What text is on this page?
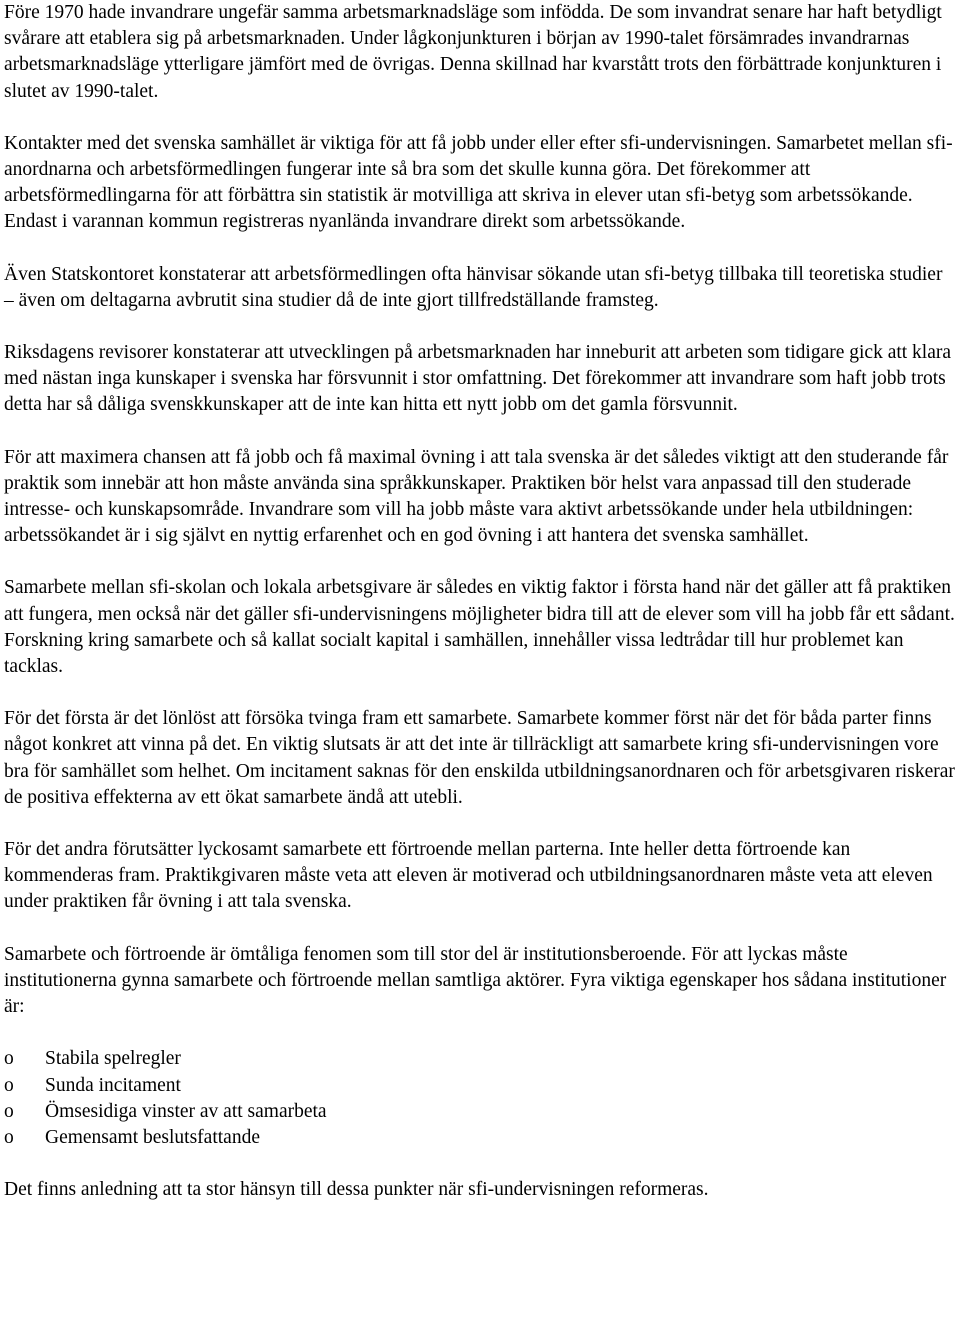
Före 1970 hade invandrare ungefär samma arbetsmarknadsläge som infödda. De som invandrat senare har haft betydligt svårare att etablera sig på arbetsmarknaden. Under lågkonjunkturen i början av 1990-talet försämrades invandrarnas arbetsmarknadsläge ytterligare jämfört med de övrigas. Denna skillnad har kvarstått trots den förbättrade konjunkturen i slutet av 1990-talet.

Kontakter med det svenska samhället är viktiga för att få jobb under eller efter sfi-undervisningen. Samarbetet mellan sfi-anordnarna och arbetsförmedlingen fungerar inte så bra som det skulle kunna göra. Det förekommer att arbetsförmedlingarna för att förbättra sin statistik är motvilliga att skriva in elever utan sfi-betyg som arbetssökande. Endast i varannan kommun registreras nyanlända invandrare direkt som arbetssökande.

Även Statskontoret konstaterar att arbetsförmedlingen ofta hänvisar sökande utan sfi-betyg tillbaka till teoretiska studier – även om deltagarna avbrutit sina studier då de inte gjort tillfredställande framsteg.

Riksdagens revisorer konstaterar att utvecklingen på arbetsmarknaden har inneburit att arbeten som tidigare gick att klara med nästan inga kunskaper i svenska har försvunnit i stor omfattning. Det förekommer att invandrare som haft jobb trots detta har så dåliga svenskkunskaper att de inte kan hitta ett nytt jobb om det gamla försvunnit.

För att maximera chansen att få jobb och få maximal övning i att tala svenska är det således viktigt att den studerande får praktik som innebär att hon måste använda sina språkkunskaper. Praktiken bör helst vara anpassad till den studerade intresse- och kunskapsområde. Invandrare som vill ha jobb måste vara aktivt arbetssökande under hela utbildningen: arbetssökandet är i sig självt en nyttig erfarenhet och en god övning i att hantera det svenska samhället.

Samarbete mellan sfi-skolan och lokala arbetsgivare är således en viktig faktor i första hand när det gäller att få praktiken att fungera, men också när det gäller sfi-undervisningens möjligheter bidra till att de elever som vill ha jobb får ett sådant. Forskning kring samarbete och så kallat socialt kapital i samhällen, innehåller vissa ledtrådar till hur problemet kan tacklas.

För det första är det lönlöst att försöka tvinga fram ett samarbete. Samarbete kommer först när det för båda parter finns något konkret att vinna på det. En viktig slutsats är att det inte är tillräckligt att samarbete kring sfi-undervisningen vore bra för samhället som helhet. Om incitament saknas för den enskilda utbildningsanordnaren och för arbetsgivaren riskerar de positiva effekterna av ett ökat samarbete ändå att utebli.

För det andra förutsätter lyckosamt samarbete ett förtroende mellan parterna. Inte heller detta förtroende kan kommenderas fram. Praktikgivaren måste veta att eleven är motiverad och utbildningsanordnaren måste veta att eleven under praktiken får övning i att tala svenska.

Samarbete och förtroende är ömtåliga fenomen som till stor del är institutionsberoende. För att lyckas måste institutionerna gynna samarbete och förtroende mellan samtliga aktörer. Fyra viktiga egenskaper hos sådana institutioner är:

o Stabila spelregler
o Sunda incitament
o Ömsesidiga vinster av att samarbeta
o Gemensamt beslutsfattande

Det finns anledning att ta stor hänsyn till dessa punkter när sfi-undervisningen reformeras.
